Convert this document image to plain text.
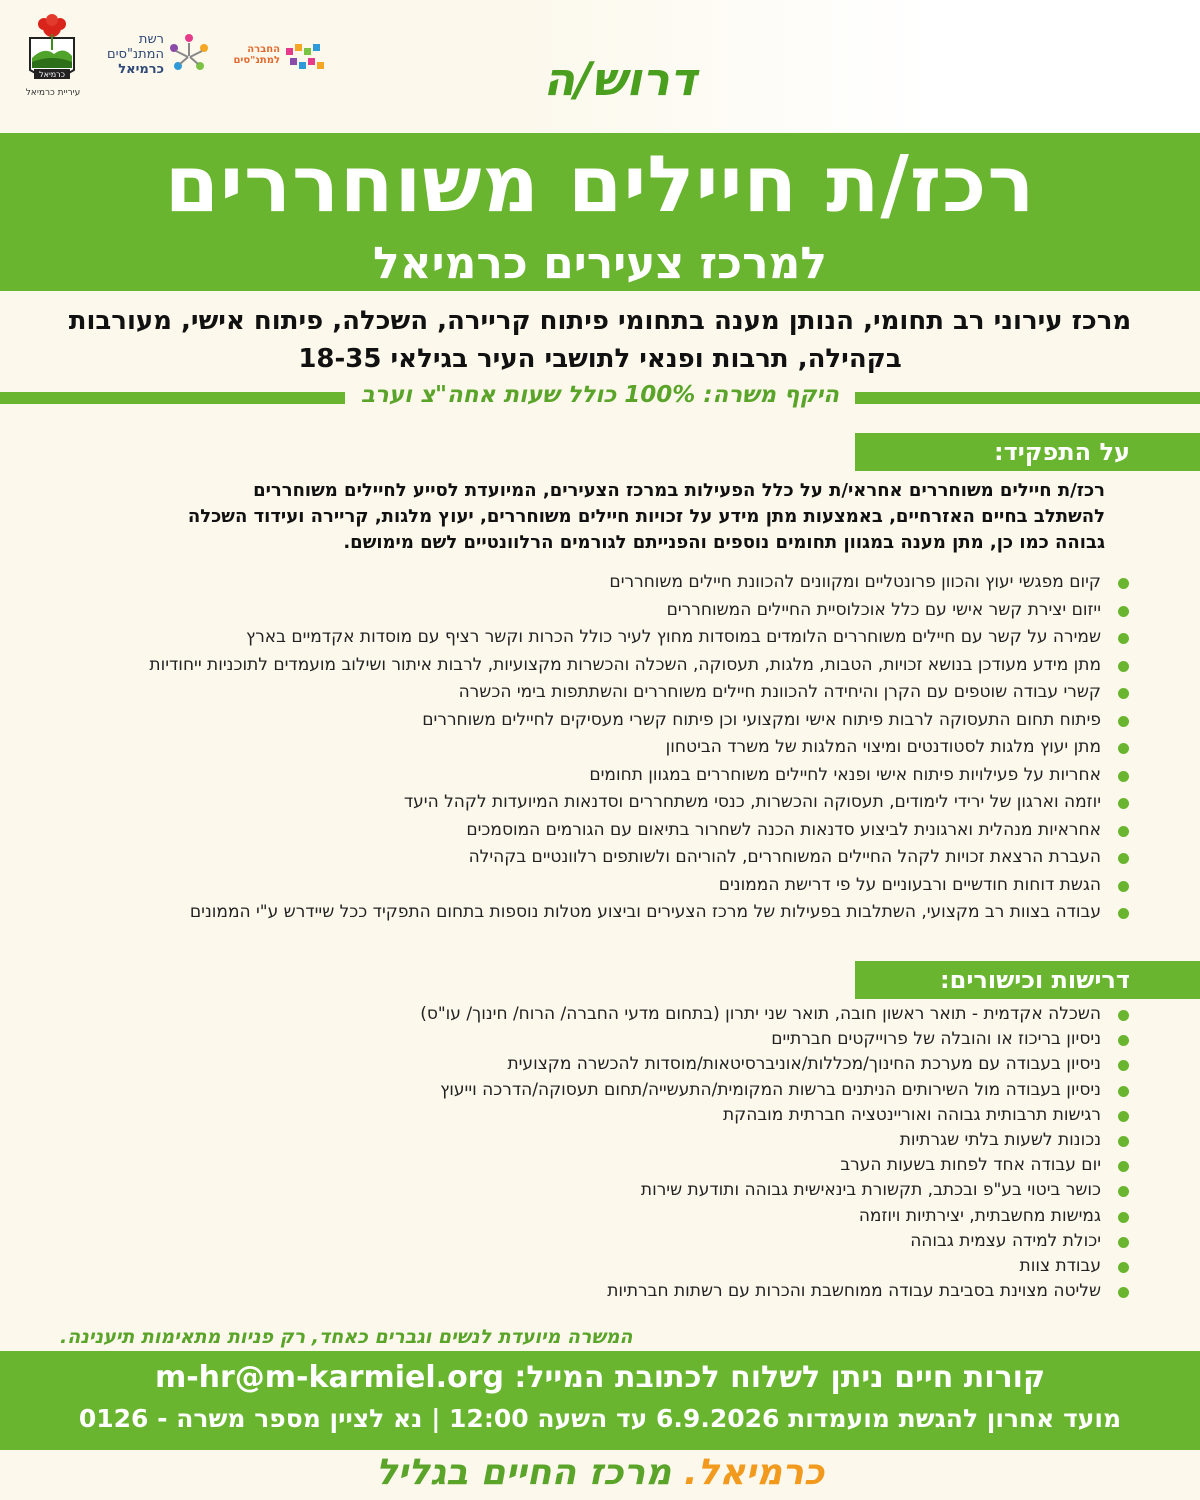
כרמיאל
עיריית כרמיאל
רשת
המתנ"סים
כרמיאל
החברה
למתנ"סים	דרוש/ה
רכז/ת חיילים משוחררים
למרכז צעירים כרמיאל
מרכז עירוני רב תחומי, הנותן מענה בתחומי פיתוח קריירה, השכלה, פיתוח אישי, מעורבות
בקהילה, תרבות ופנאי לתושבי העיר בגילאי 18-35
היקף משרה: 100% כולל שעות אחה"צ וערב
על התפקיד:
רכז/ת חיילים משוחררים אחראי/ת על כלל הפעילות במרכז הצעירים, המיועדת לסייע לחיילים משוחררים
להשתלב בחיים האזרחיים, באמצעות מתן מידע על זכויות חיילים משוחררים, יעוץ מלגות, קריירה ועידוד השכלה
גבוהה כמו כן, מתן מענה במגוון תחומים נוספים והפנייתם לגורמים הרלוונטיים לשם מימושם.
קיום מפגשי יעוץ והכוון פרונטליים ומקוונים להכוונת חיילים משוחררים
ייזום יצירת קשר אישי עם כלל אוכלוסיית החיילים המשוחררים
שמירה על קשר עם חיילים משוחררים הלומדים במוסדות מחוץ לעיר כולל הכרות וקשר רציף עם מוסדות אקדמיים בארץ
מתן מידע מעודכן בנושא זכויות, הטבות, מלגות, תעסוקה, השכלה והכשרות מקצועיות, לרבות איתור ושילוב מועמדים לתוכניות ייחודיות
קשרי עבודה שוטפים עם הקרן והיחידה להכוונת חיילים משוחררים והשתתפות בימי הכשרה
פיתוח תחום התעסוקה לרבות פיתוח אישי ומקצועי וכן פיתוח קשרי מעסיקים לחיילים משוחררים
מתן יעוץ מלגות לסטודנטים ומיצוי המלגות של משרד הביטחון
אחריות על פעילויות פיתוח אישי ופנאי לחיילים משוחררים במגוון תחומים
יוזמה וארגון של ירידי לימודים, תעסוקה והכשרות, כנסי משתחררים וסדנאות המיועדות לקהל היעד
אחראיות מנהלית וארגונית לביצוע סדנאות הכנה לשחרור בתיאום עם הגורמים המוסמכים
העברת הרצאת זכויות לקהל החיילים המשוחררים, להוריהם ולשותפים רלוונטיים בקהילה
הגשת דוחות חודשיים ורבעוניים על פי דרישת הממונים
עבודה בצוות רב מקצועי, השתלבות בפעילות של מרכז הצעירים וביצוע מטלות נוספות בתחום התפקיד ככל שיידרש ע"י הממונים
דרישות וכישורים:
השכלה אקדמית - תואר ראשון חובה, תואר שני יתרון (בתחום מדעי החברה/ הרוח/ חינוך/ עו"ס)
ניסיון בריכוז או והובלה של פרוייקטים חברתיים
ניסיון בעבודה עם מערכת החינוך/מכללות/אוניברסיטאות/מוסדות להכשרה מקצועית
ניסיון בעבודה מול השירותים הניתנים ברשות המקומית/התעשייה/תחום תעסוקה/הדרכה וייעוץ
רגישות תרבותית גבוהה ואוריינטציה חברתית מובהקת
נכונות לשעות בלתי שגרתיות
יום עבודה אחד לפחות בשעות הערב
כושר ביטוי בע"פ ובכתב, תקשורת בינאישית גבוהה ותודעת שירות
גמישות מחשבתית, יצירתיות ויוזמה
יכולת למידה עצמית גבוהה
עבודת צוות
שליטה מצוינת בסביבת עבודה ממוחשבת והכרות עם רשתות חברתיות
המשרה מיועדת לנשים וגברים כאחד, רק פניות מתאימות תיענינה.
קורות חיים ניתן לשלוח לכתובת המייל: m-hr@m-karmiel.org
מועד אחרון להגשת מועמדות 6.9.2026 עד השעה 12:00 | נא לציין מספר משרה - 0126
כרמיאל. מרכז החיים בגליל
